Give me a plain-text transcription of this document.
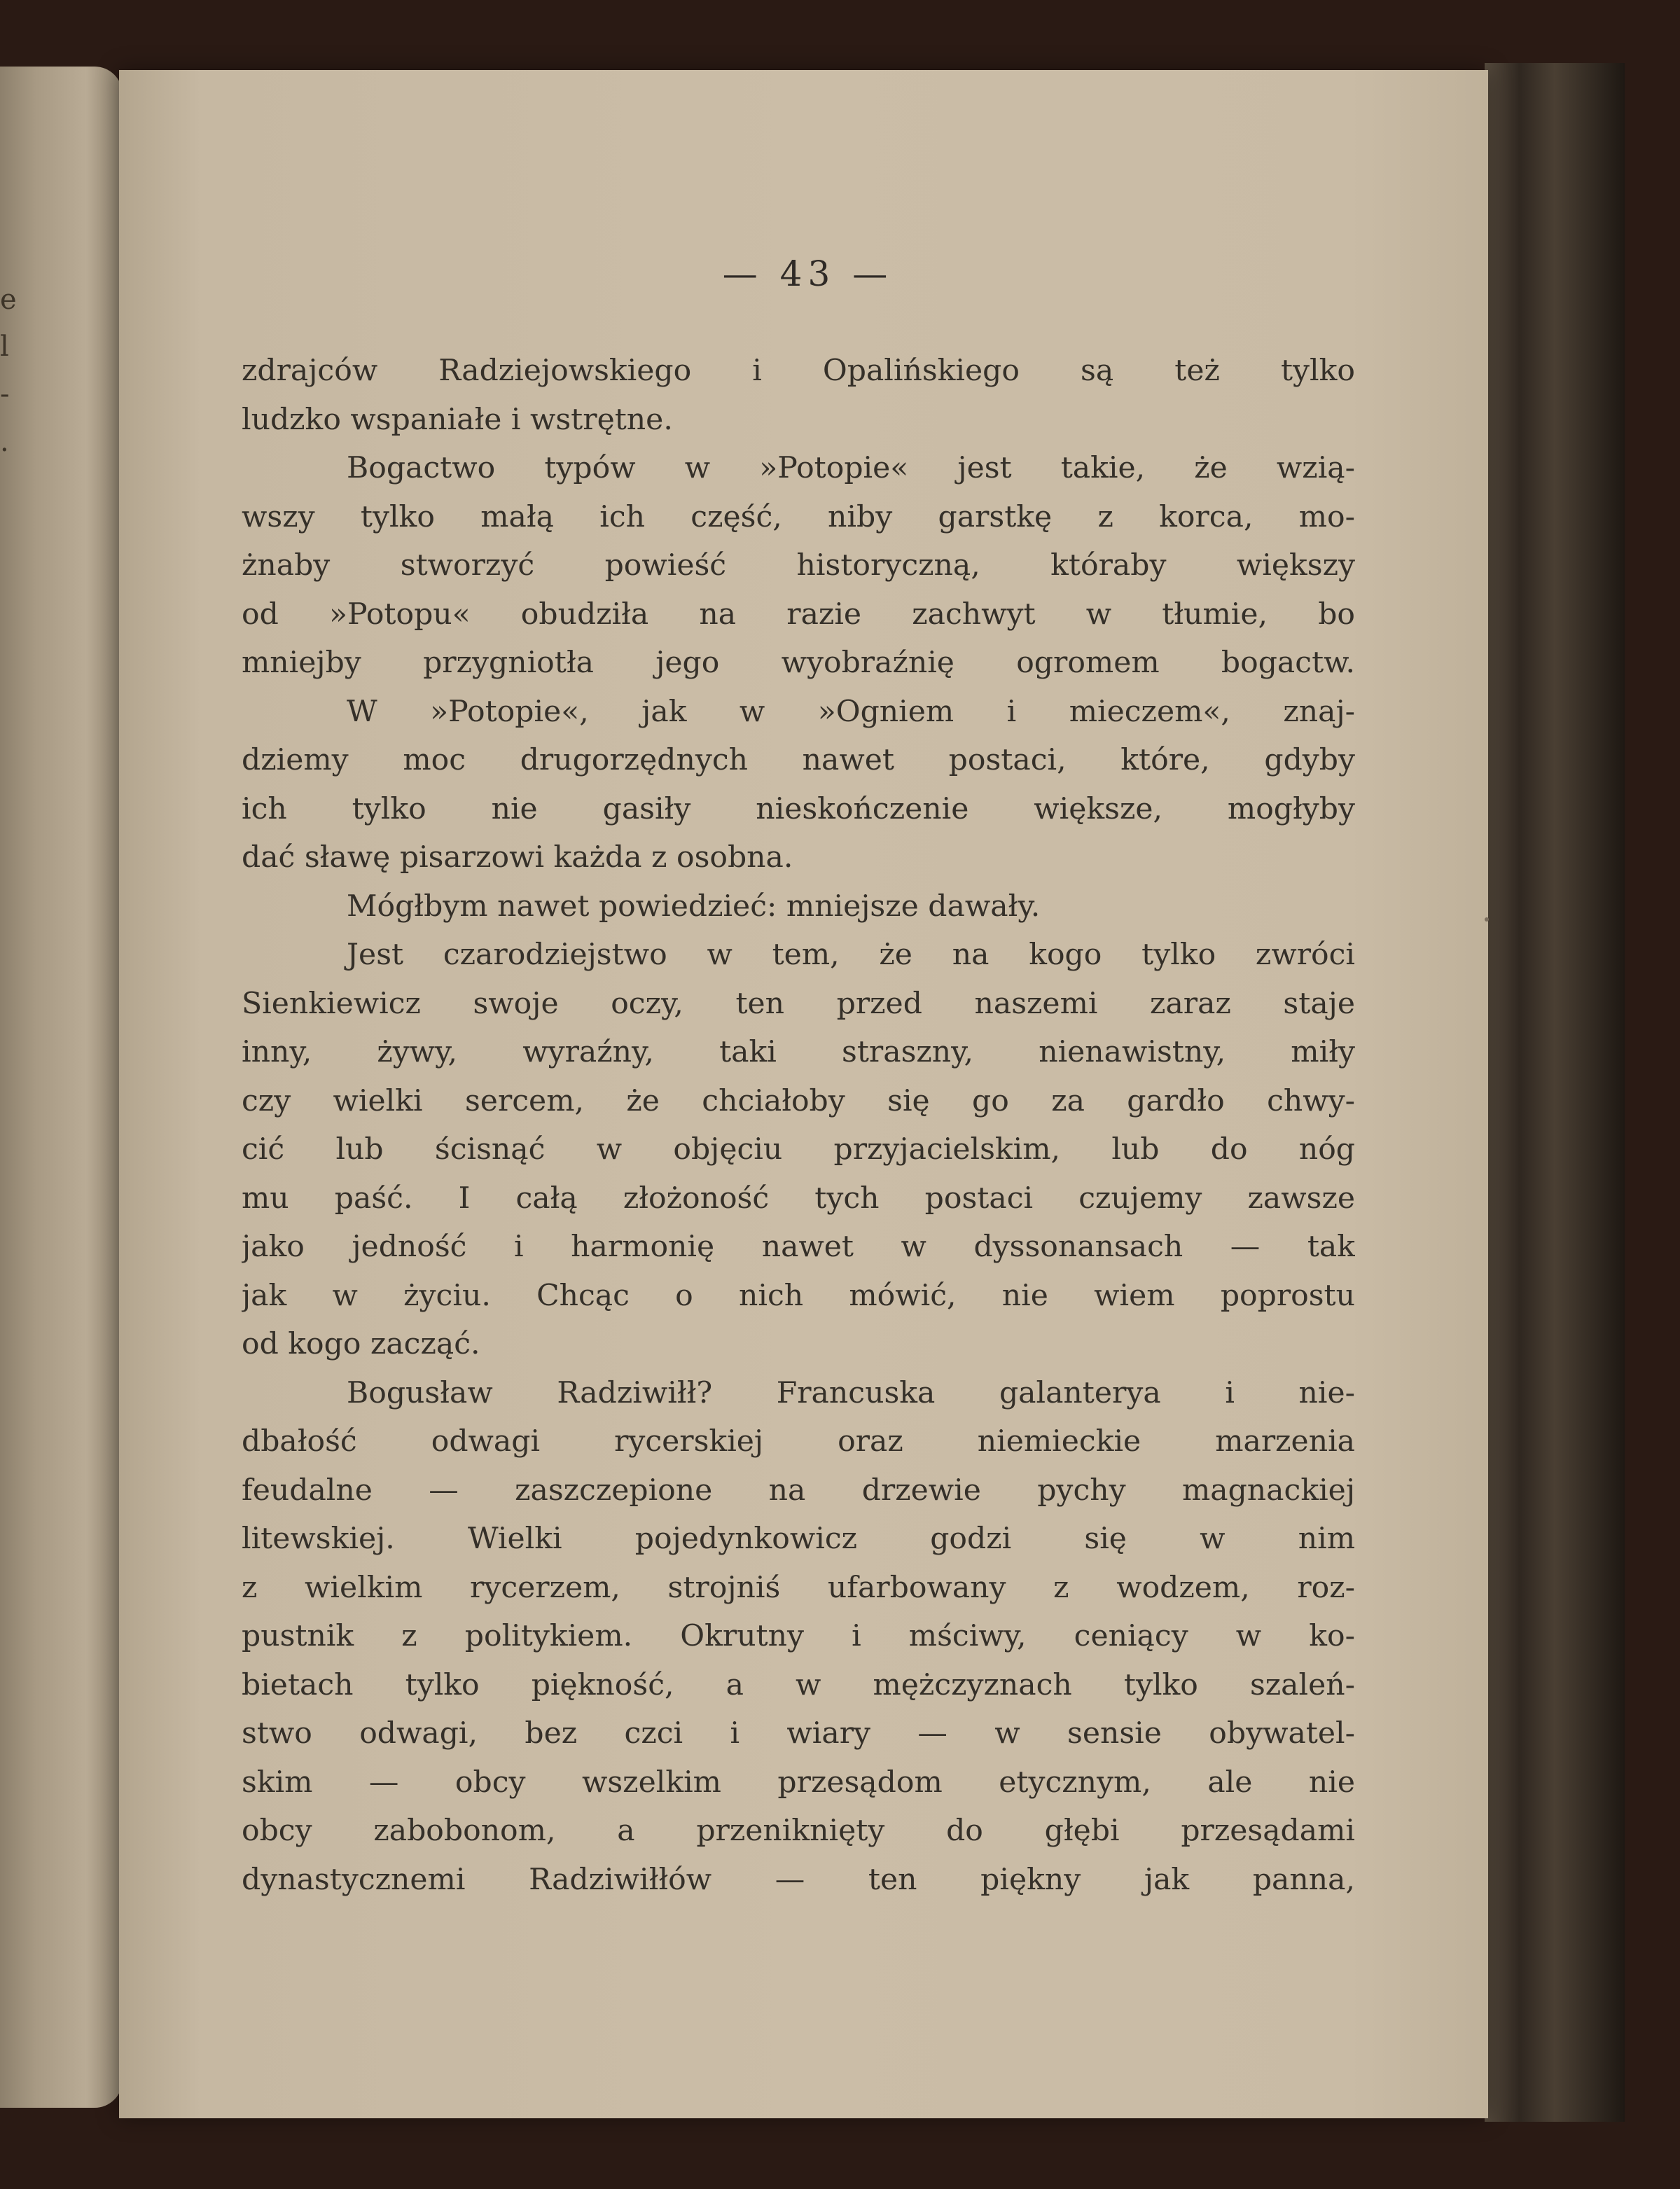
e
l
-
.
— 43 —
zdrajców Radziejowskiego i Opalińskiego są też tylko
ludzko wspaniałe i wstrętne.
Bogactwo typów w »Potopie« jest takie, że wzią-
wszy tylko małą ich część, niby garstkę z korca, mo-
żnaby stworzyć powieść historyczną, któraby większy
od »Potopu« obudziła na razie zachwyt w tłumie, bo
mniejby przygniotła jego wyobraźnię ogromem bogactw.
W »Potopie«, jak w »Ogniem i mieczem«, znaj-
dziemy moc drugorzędnych nawet postaci, które, gdyby
ich tylko nie gasiły nieskończenie większe, mogłyby
dać sławę pisarzowi każda z osobna.
Mógłbym nawet powiedzieć: mniejsze dawały.
Jest czarodziejstwo w tem, że na kogo tylko zwróci
Sienkiewicz swoje oczy, ten przed naszemi zaraz staje
inny, żywy, wyraźny, taki straszny, nienawistny, miły
czy wielki sercem, że chciałoby się go za gardło chwy-
cić lub ścisnąć w objęciu przyjacielskim, lub do nóg
mu paść. I całą złożoność tych postaci czujemy zawsze
jako jedność i harmonię nawet w dyssonansach — tak
jak w życiu. Chcąc o nich mówić, nie wiem poprostu
od kogo zacząć.
Bogusław Radziwiłł? Francuska galanterya i nie-
dbałość odwagi rycerskiej oraz niemieckie marzenia
feudalne — zaszczepione na drzewie pychy magnackiej
litewskiej. Wielki pojedynkowicz godzi się w nim
z wielkim rycerzem, strojniś ufarbowany z wodzem, roz-
pustnik z politykiem. Okrutny i mściwy, ceniący w ko-
bietach tylko piękność, a w mężczyznach tylko szaleń-
stwo odwagi, bez czci i wiary — w sensie obywatel-
skim — obcy wszelkim przesądom etycznym, ale nie
obcy zabobonom, a przeniknięty do głębi przesądami
dynastycznemi Radziwiłłów — ten piękny jak panna,
